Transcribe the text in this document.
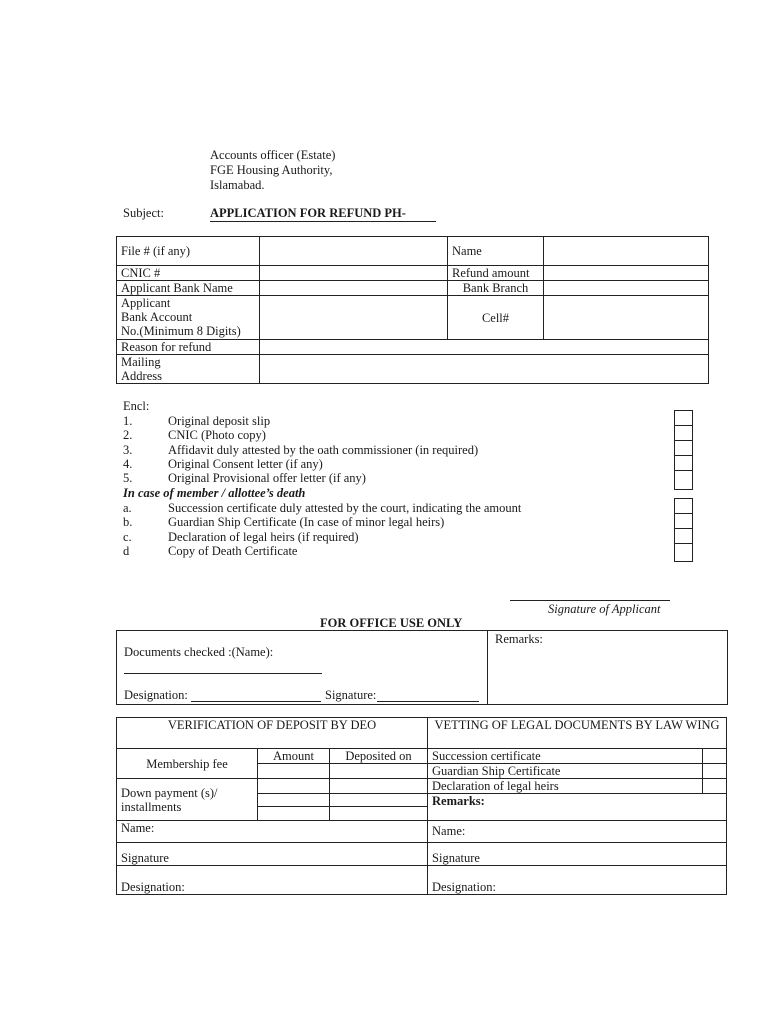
Accounts officer (Estate)
FGE Housing Authority,
Islamabad.
Subject:	APPLICATION FOR REFUND PH-
File # (if any)		Name	
CNIC #		Refund amount	
Applicant Bank Name		Bank Branch	

Applicant
Bank Account
No.(Minimum 8 Digits)		Cell#	
Reason for refund			

Mailing
Address			

Encl:
1.	Original deposit slip
2.	CNIC (Photo copy)
3.	Affidavit duly attested by the oath commissioner (in required)
4.	Original Consent letter (if any)
5.	Original Provisional offer letter (if any)
In case of member / allottee’s death
a.	Succession certificate duly attested by the court, indicating the amount
b.	Guardian Ship Certificate (In case of minor legal heirs)
c.	Declaration of legal heirs (if required)
d	Copy of Death Certificate
Signature of Applicant
FOR OFFICE USE ONLY
Documents checked :(Name):
Designation:	Signature:
Remarks:
VERIFICATION OF DEPOSIT BY DEO			VETTING OF LEGAL DOCUMENTS BY LAW WING	
Membership fee	Amount	Deposited on	Succession certificate	
			Guardian Ship Certificate	

Down payment (s)/
installments			Declaration of legal heirs	
			Remarks:	

Name:			Name:	
Signature			Signature	
Designation:			Designation:	
